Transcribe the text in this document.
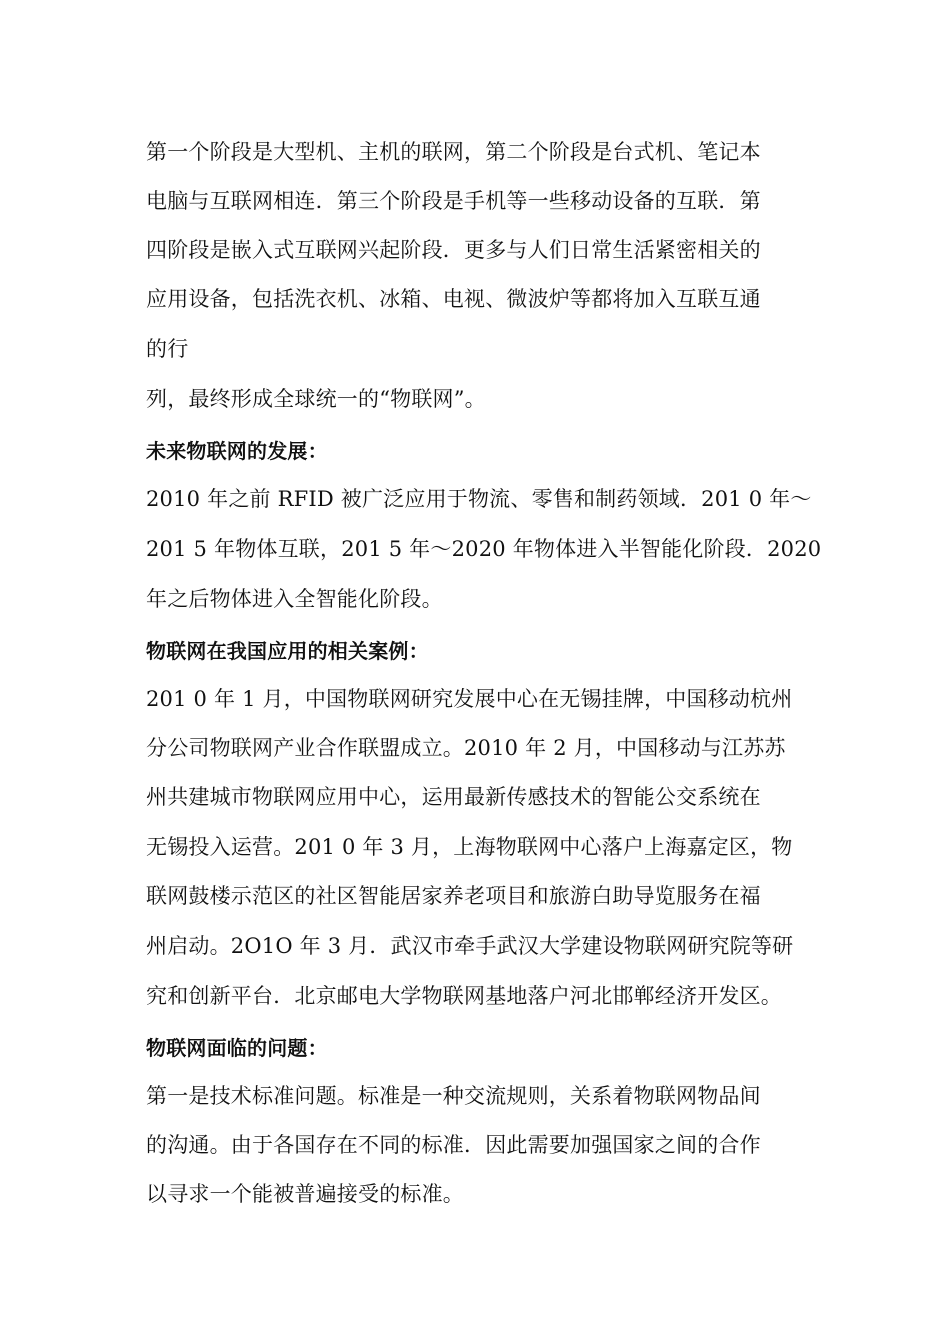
第一个阶段是大型机、主机的联网，第二个阶段是台式机、笔记本
电脑与互联网相连．第三个阶段是手机等一些移动设备的互联．第
四阶段是嵌入式互联网兴起阶段．更多与人们日常生活紧密相关的
应用设备，包括洗衣机、冰箱、电视、微波炉等都将加入互联互通
的行
列，最终形成全球统一的“物联网”。
未来物联网的发展：
2010 年之前 RFID 被广泛应用于物流、零售和制药领域．201 0 年～
201 5 年物体互联，201 5 年～2020 年物体进入半智能化阶段．2020
年之后物体进入全智能化阶段。
物联网在我国应用的相关案例：
201 0 年 1 月，中国物联网研究发展中心在无锡挂牌，中国移动杭州
分公司物联网产业合作联盟成立。2010 年 2 月，中国移动与江苏苏
州共建城市物联网应用中心，运用最新传感技术的智能公交系统在
无锡投入运营。201 0 年 3 月，上海物联网中心落户上海嘉定区，物
联网鼓楼示范区的社区智能居家养老项目和旅游白助导览服务在福
州启动。2O1O 年 3 月．武汉市牵手武汉大学建设物联网研究院等研
究和创新平台．北京邮电大学物联网基地落户河北邯郸经济开发区。
物联网面临的问题：
第一是技术标准问题。标准是一种交流规则，关系着物联网物品间
的沟通。由于各国存在不同的标准．因此需要加强国家之间的合作
以寻求一个能被普遍接受的标准。
